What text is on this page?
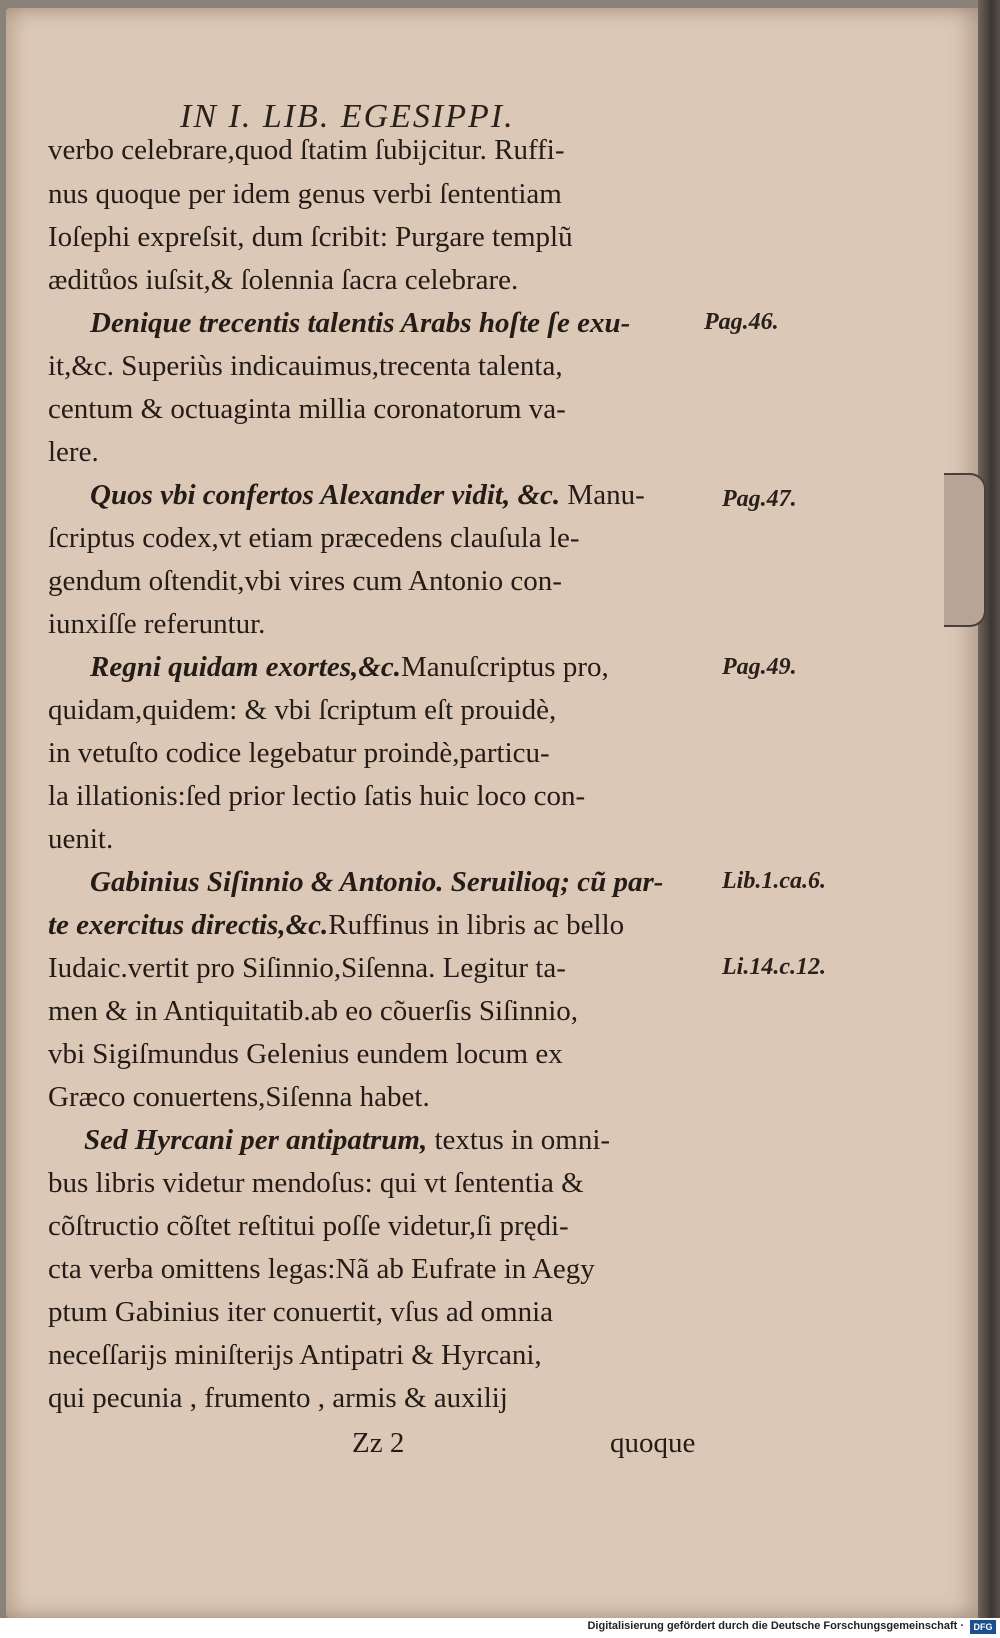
IN I. LIB. EGESIPPI.
verbo celebrare,quod ſtatim ſubijcitur. Ruffi-
nus quoque per idem genus verbi ſententiam
Ioſephi expreſsit, dum ſcribit: Purgare templũ
æditůos iuſsit,& ſolennia ſacra celebrare.
Denique trecentis talentis Arabs hoſte ſe exu-	Pag.46.
it,&c. Superiùs indicauimus,trecenta talenta,
centum & octuaginta millia coronatorum va-
lere.
Quos vbi confertos Alexander vidit, &c. Manu-	Pag.47.
ſcriptus codex,vt etiam præcedens clauſula le-
gendum oſtendit,vbi vires cum Antonio con-
iunxiſſe referuntur.
Regni quidam exortes,&c.Manuſcriptus pro,	Pag.49.
quidam,quidem: & vbi ſcriptum eſt prouidè,
in vetuſto codice legebatur proindè,particu-
la illationis:ſed prior lectio ſatis huic loco con-
uenit.
Gabinius Siſinnio & Antonio. Seruilioq; cũ par- Lib.1.ca.6.
te exercitus directis,&c.Ruffinus in libris ac bello
Iudaic.vertit pro Siſinnio,Siſenna. Legitur ta-	Li.14.c.12.
men & in Antiquitatib.ab eo cõuerſis Siſinnio,
vbi Sigiſmundus Gelenius eundem locum ex
Græco conuertens,Siſenna habet.
Sed Hyrcani per antipatrum, textus in omni-
bus libris videtur mendoſus: qui vt ſententia &
cõſtructio cõſtet reſtitui poſſe videtur,ſi prędi-
cta verba omittens legas:Nã ab Eufrate in Aegy
ptum Gabinius iter conuertit, vſus ad omnia
neceſſarijs miniſterijs Antipatri & Hyrcani,
qui pecunia , frumento , armis & auxilij
Zz 2	quoque
Digitalisierung gefördert durch die Deutsche Forschungsgemeinschaft ·	DFG
